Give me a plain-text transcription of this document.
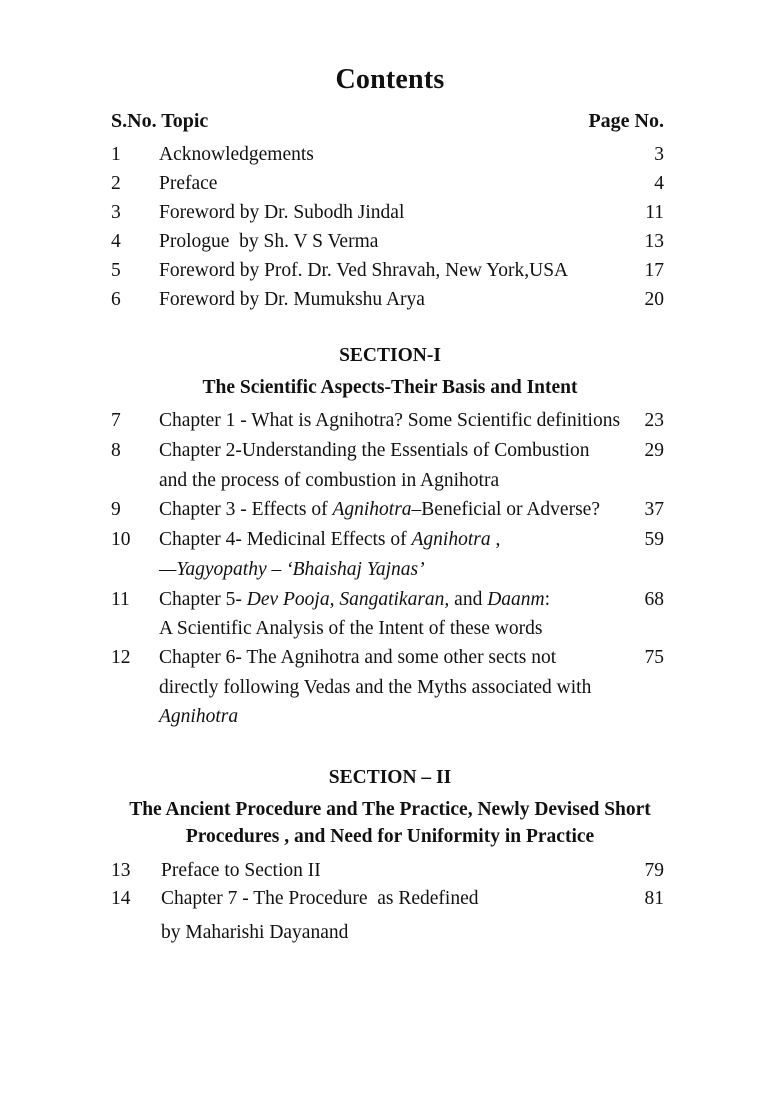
Contents
S.No. Topic	Page No.
1 Acknowledgements	3
2 Preface	4
3 Foreword by Dr. Subodh Jindal	11
4 Prologue  by Sh. V S Verma	13
5 Foreword by Prof. Dr. Ved Shravah, New York,USA	17
6 Foreword by Dr. Mumukshu Arya	20
SECTION-I
The Scientific Aspects-Their Basis and Intent
7 Chapter 1 - What is Agnihotra? Some Scientific definitions	23
8 Chapter 2-Understanding the Essentials of Combustion	29
and the process of combustion in Agnihotra
9 Chapter 3 - Effects of Agnihotra–Beneficial or Adverse?	37
10 Chapter 4- Medicinal Effects of Agnihotra ,	59
—Yagyopathy – ‘Bhaishaj Yajnas’
11 Chapter 5- Dev Pooja, Sangatikaran, and Daanm:	68
A Scientific Analysis of the Intent of these words
12 Chapter 6- The Agnihotra and some other sects not	75
directly following Vedas and the Myths associated with
Agnihotra
SECTION – II
The Ancient Procedure and The Practice, Newly Devised Short
Procedures , and Need for Uniformity in Practice
13 Preface to Section II	79
14 Chapter 7 - The Procedure  as Redefined	81
by Maharishi Dayanand
